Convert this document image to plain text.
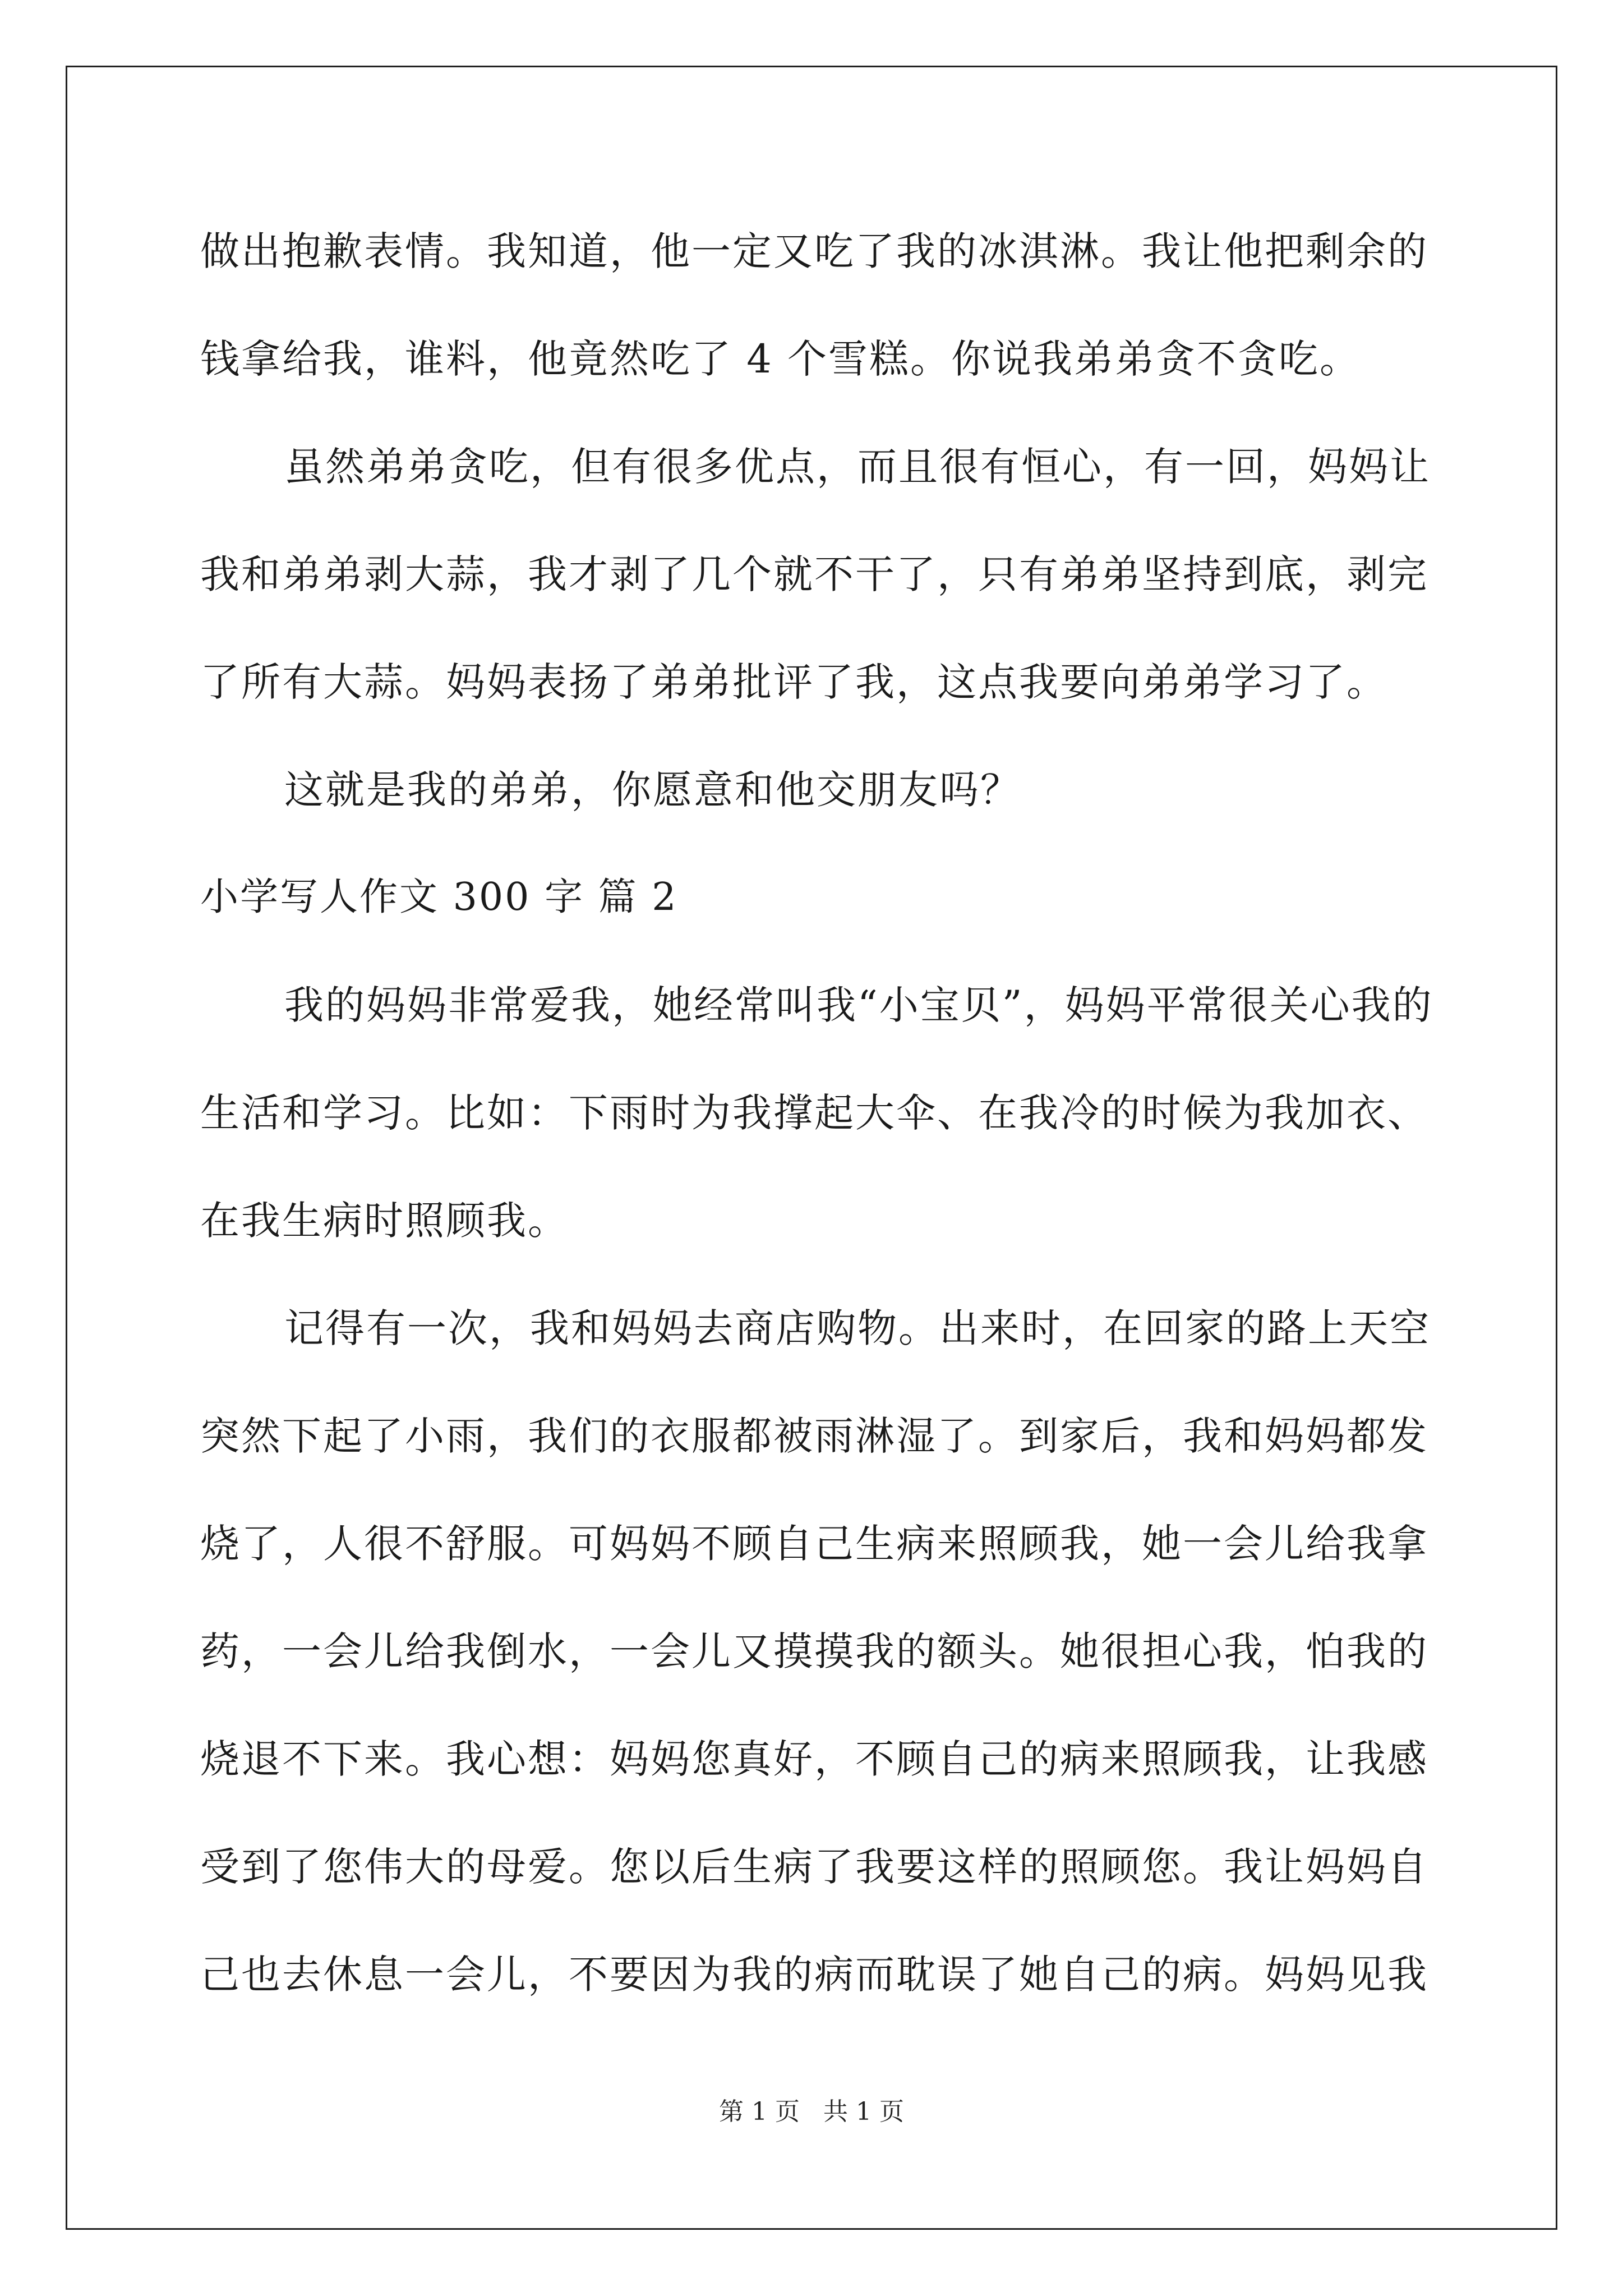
做出抱歉表情。我知道，他一定又吃了我的冰淇淋。我让他把剩余的
钱拿给我，谁料，他竟然吃了 4 个雪糕。你说我弟弟贪不贪吃。
虽然弟弟贪吃，但有很多优点，而且很有恒心，有一回，妈妈让
我和弟弟剥大蒜，我才剥了几个就不干了，只有弟弟坚持到底，剥完
了所有大蒜。妈妈表扬了弟弟批评了我，这点我要向弟弟学习了。
这就是我的弟弟，你愿意和他交朋友吗？
小学写人作文 300 字 篇 2
我的妈妈非常爱我，她经常叫我“小宝贝”，妈妈平常很关心我的
生活和学习。比如：下雨时为我撑起大伞、在我冷的时候为我加衣、
在我生病时照顾我。
记得有一次，我和妈妈去商店购物。出来时，在回家的路上天空
突然下起了小雨，我们的衣服都被雨淋湿了。到家后，我和妈妈都发
烧了，人很不舒服。可妈妈不顾自己生病来照顾我，她一会儿给我拿
药，一会儿给我倒水，一会儿又摸摸我的额头。她很担心我，怕我的
烧退不下来。我心想：妈妈您真好，不顾自己的病来照顾我，让我感
受到了您伟大的母爱。您以后生病了我要这样的照顾您。我让妈妈自
己也去休息一会儿，不要因为我的病而耽误了她自己的病。妈妈见我
第 1 页   共 1 页
